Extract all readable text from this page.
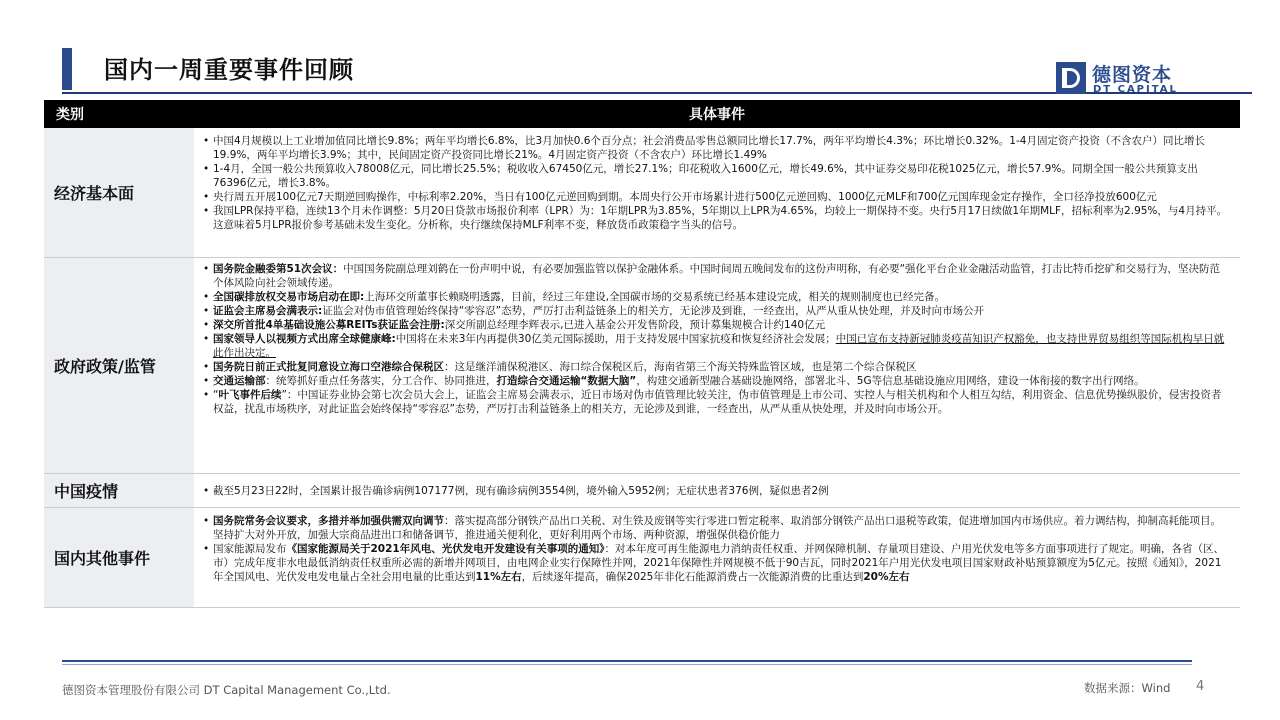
国内一周重要事件回顾	德图资本
DT CAPITAL
类别	具体事件
经济基本面
• 中国4月规模以上工业增加值同比增长9.8%；两年平均增长6.8%，比3月加快0.6个百分点；社会消费品零售总额同比增长17.7%，两年平均增长4.3%；环比增长0.32%。1-4月固定资产投资（不含农户）同比增长19.9%，两年平均增长3.9%；其中，民间固定资产投资同比增长21%。4月固定资产投资（不含农户）环比增长1.49%
• 1-4月，全国一般公共预算收入78008亿元，同比增长25.5%；税收收入67450亿元，增长27.1%；印花税收入1600亿元，增长49.6%，其中证券交易印花税1025亿元，增长57.9%。同期全国一般公共预算支出76396亿元，增长3.8%。
• 央行周五开展100亿元7天期逆回购操作，中标利率2.20%，当日有100亿元逆回购到期。本周央行公开市场累计进行500亿元逆回购、1000亿元MLF和700亿元国库现金定存操作，全口径净投放600亿元
• 我国LPR保持平稳，连续13个月未作调整：5月20日贷款市场报价利率（LPR）为：1年期LPR为3.85%，5年期以上LPR为4.65%，均较上一期保持不变。央行5月17日续做1年期MLF，招标利率为2.95%，与4月持平。这意味着5月LPR报价参考基础未发生变化。分析称，央行继续保持MLF利率不变，释放货币政策稳字当头的信号。
政府政策/监管
• 国务院金融委第51次会议：中国国务院副总理刘鹤在一份声明中说，有必要加强监管以保护金融体系。中国时间周五晚间发布的这份声明称，有必要“强化平台企业金融活动监管，打击比特币挖矿和交易行为，坚决防范个体风险向社会领域传递。
• 全国碳排放权交易市场启动在即:上海环交所董事长赖晓明透露，目前，经过三年建设,全国碳市场的交易系统已经基本建设完成，相关的规则制度也已经完备。
• 证监会主席易会满表示:证监会对伪市值管理始终保持“零容忍”态势，严厉打击利益链条上的相关方，无论涉及到谁，一经查出，从严从重从快处理，并及时向市场公开
• 深交所首批4单基础设施公募REITs获证监会注册:深交所副总经理李辉表示,已进入基金公开发售阶段，预计募集规模合计约140亿元
• 国家领导人以视频方式出席全球健康峰:中国将在未来3年内再提供30亿美元国际援助，用于支持发展中国家抗疫和恢复经济社会发展；中国已宣布支持新冠肺炎疫苗知识产权豁免，也支持世界贸易组织等国际机构早日就此作出决定。
• 国务院日前正式批复同意设立海口空港综合保税区：这是继洋浦保税港区、海口综合保税区后，海南省第三个海关特殊监管区域，也是第二个综合保税区
• 交通运输部：统筹抓好重点任务落实，分工合作、协同推进，打造综合交通运输“数据大脑”，构建交通新型融合基础设施网络，部署北斗、5G等信息基础设施应用网络，建设一体衔接的数字出行网络。
• “叶飞事件后续”：中国证券业协会第七次会员大会上，证监会主席易会满表示，近日市场对伪市值管理比较关注，伪市值管理是上市公司、实控人与相关机构和个人相互勾结，利用资金、信息优势操纵股价，侵害投资者权益，扰乱市场秩序，对此证监会始终保持“零容忍”态势，严厉打击利益链条上的相关方，无论涉及到谁，一经查出，从严从重从快处理，并及时向市场公开。
中国疫情
•	截至5月23日22时，全国累计报告确诊病例107177例，现有确诊病例3554例，境外输入5952例；无症状患者376例，疑似患者2例
国内其他事件
• 国务院常务会议要求，多措并举加强供需双向调节：落实提高部分钢铁产品出口关税、对生铁及废钢等实行零进口暂定税率、取消部分钢铁产品出口退税等政策，促进增加国内市场供应。着力调结构，抑制高耗能项目。坚持扩大对外开放，加强大宗商品进出口和储备调节，推进通关便利化，更好利用两个市场、两种资源，增强保供稳价能力
• 国家能源局发布《国家能源局关于2021年风电、光伏发电开发建设有关事项的通知》：对本年度可再生能源电力消纳责任权重、并网保障机制、存量项目建设、户用光伏发电等多方面事项进行了规定。明确，各省（区、市）完成年度非水电最低消纳责任权重所必需的新增并网项目，由电网企业实行保障性并网，2021年保障性并网规模不低于90吉瓦，同时2021年户用光伏发电项目国家财政补贴预算额度为5亿元。按照《通知》，2021年全国风电、光伏发电发电量占全社会用电量的比重达到11%左右，后续逐年提高，确保2025年非化石能源消费占一次能源消费的比重达到20%左右
德图资本管理股份有限公司 DT Capital Management Co.,Ltd.	数据来源：Wind 4
